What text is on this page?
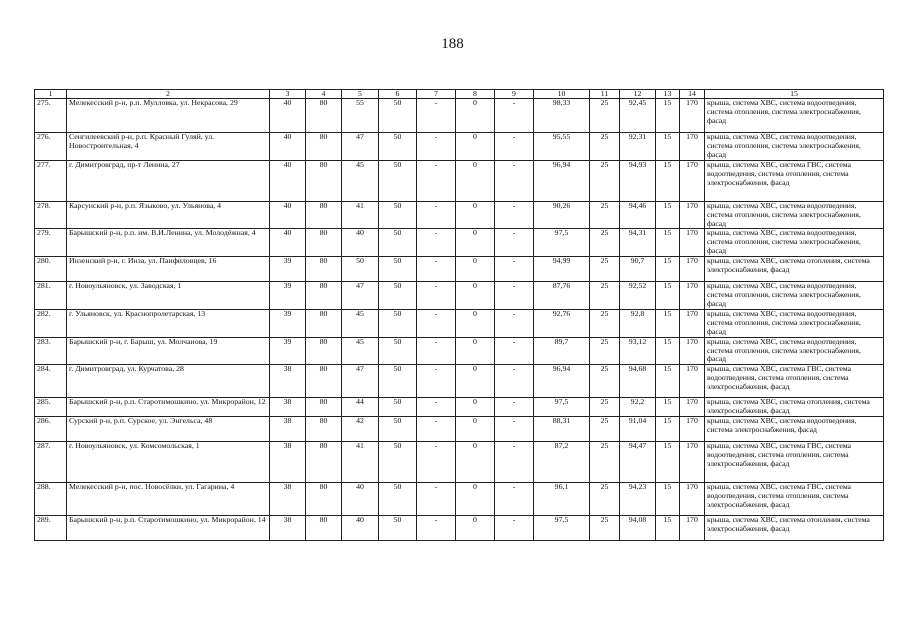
188
1	2	3	4	5	6	7	8	9	10	11	12	13	14	15
275.	Мелекесский р-н, р.п. Мулловка, ул. Некрасова, 29	40	80	55	50	-	0	-	98,33	25	92,45	15	170	крыша, система ХВС, система водоотведения, система отопления, система электроснабжения, фасад
276.	Сенгилеевский р-н, р.п. Красный Гуляй, ул. Новостроительная, 4	40	80	47	50	-	0	-	95,55	25	92,31	15	170	крыша, система ХВС, система водоотведения, система отопления, система электроснабжения, фасад
277.	г. Димитровград, пр-т Ленина, 27	40	80	45	50	-	0	-	96,94	25	94,93	15	170	крыша, система ХВС, система ГВС, система водоотведения, система отопления, система электроснабжения, фасад
278.	Карсунский р-н, р.п. Языково, ул. Ульянова, 4	40	80	41	50	-	0	-	90,26	25	94,46	15	170	крыша, система ХВС, система водоотведения, система отопления, система электроснабжения, фасад
279.	Барышский р-н, р.п. им. В.И.Ленина, ул. Молодёжная, 4	40	80	40	50	-	0	-	97,5	25	94,31	15	170	крыша, система ХВС, система водоотведения, система отопления, система электроснабжения, фасад
280.	Инзенский р-н, г. Инза, ул. Панфиловцев, 16	39	80	50	50	-	0	-	94,99	25	90,7	15	170	крыша, система ХВС, система отопления, система электроснабжения, фасад
281.	г. Новоульяновск, ул. Заводская, 1	39	80	47	50	-	0	-	87,76	25	92,52	15	170	крыша, система ХВС, система водоотведения, система отопления, система электроснабжения, фасад
282.	г. Ульяновск, ул. Краснопролетарская, 13	39	80	45	50	-	0	-	92,76	25	92,8	15	170	крыша, система ХВС, система водоотведения, система отопления, система электроснабжения, фасад
283.	Барышский р-н, г. Барыш, ул. Молчанова, 19	39	80	45	50	-	0	-	89,7	25	93,12	15	170	крыша, система ХВС, система водоотведения, система отопления, система электроснабжения, фасад
284.	г. Димитровград, ул. Курчатова, 28	38	80	47	50	-	0	-	96,94	25	94,68	15	170	крыша, система ХВС, система ГВС, система водоотведения, система отопления, система электроснабжения, фасад
285.	Барышский р-н, р.п. Старотимошкино, ул. Микрорайон, 12	38	80	44	50	-	0	-	97,5	25	92,2	15	170	крыша, система ХВС, система отопления, система электроснабжения, фасад
286.	Сурский р-н, р.п. Сурское, ул. Энгельса, 48	38	80	42	50	-	0	-	88,31	25	91,04	15	170	крыша, система ХВС, система водоотведения, система электроснабжения, фасад
287.	г. Новоульяновск, ул. Комсомольская, 1	38	80	41	50	-	0	-	87,2	25	94,47	15	170	крыша, система ХВС, система ГВС, система водоотведения, система отопления, система электроснабжения, фасад
288.	Мелекесский р-н, пос. Новосёлки, ул. Гагарина, 4	38	80	40	50	-	0	-	96,1	25	94,23	15	170	крыша, система ХВС, система ГВС, система водоотведения, система отопления, система электроснабжения, фасад
289.	Барышский р-н, р.п. Старотимошкино, ул. Микрорайон, 14	38	80	40	50	-	0	-	97,5	25	94,08	15	170	крыша, система ХВС, система отопления, система электроснабжения, фасад
